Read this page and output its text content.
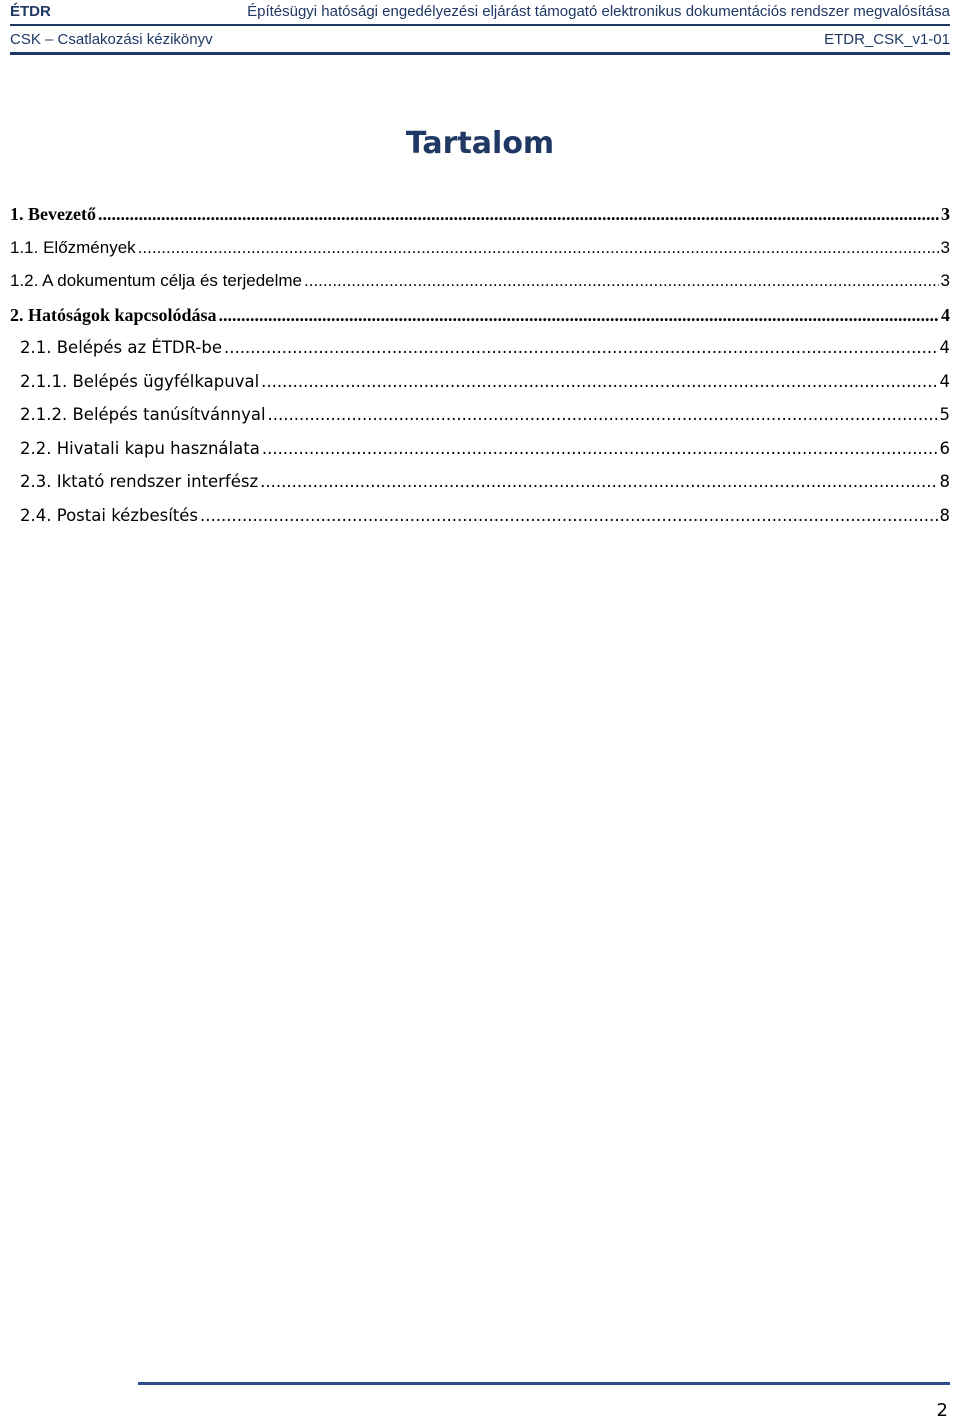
ÉTDR	Építésügyi hatósági engedélyezési eljárást támogató elektronikus dokumentációs rendszer megvalósítása
CSK – Csatlakozási kézikönyv	ETDR_CSK_v1-01
Tartalom
1. Bevezető .....	3
1.1. Előzmények .....	3
1.2. A dokumentum célja és terjedelme .....	3
2. Hatóságok kapcsolódása .....	4
2.1. Belépés az ÉTDR-be .....	4
2.1.1. Belépés ügyfélkapuval .....	4
2.1.2. Belépés tanúsítvánnyal .....	5
2.2. Hivatali kapu használata .....	6
2.3. Iktató rendszer interfész .....	8
2.4. Postai kézbesítés .....	8
2
